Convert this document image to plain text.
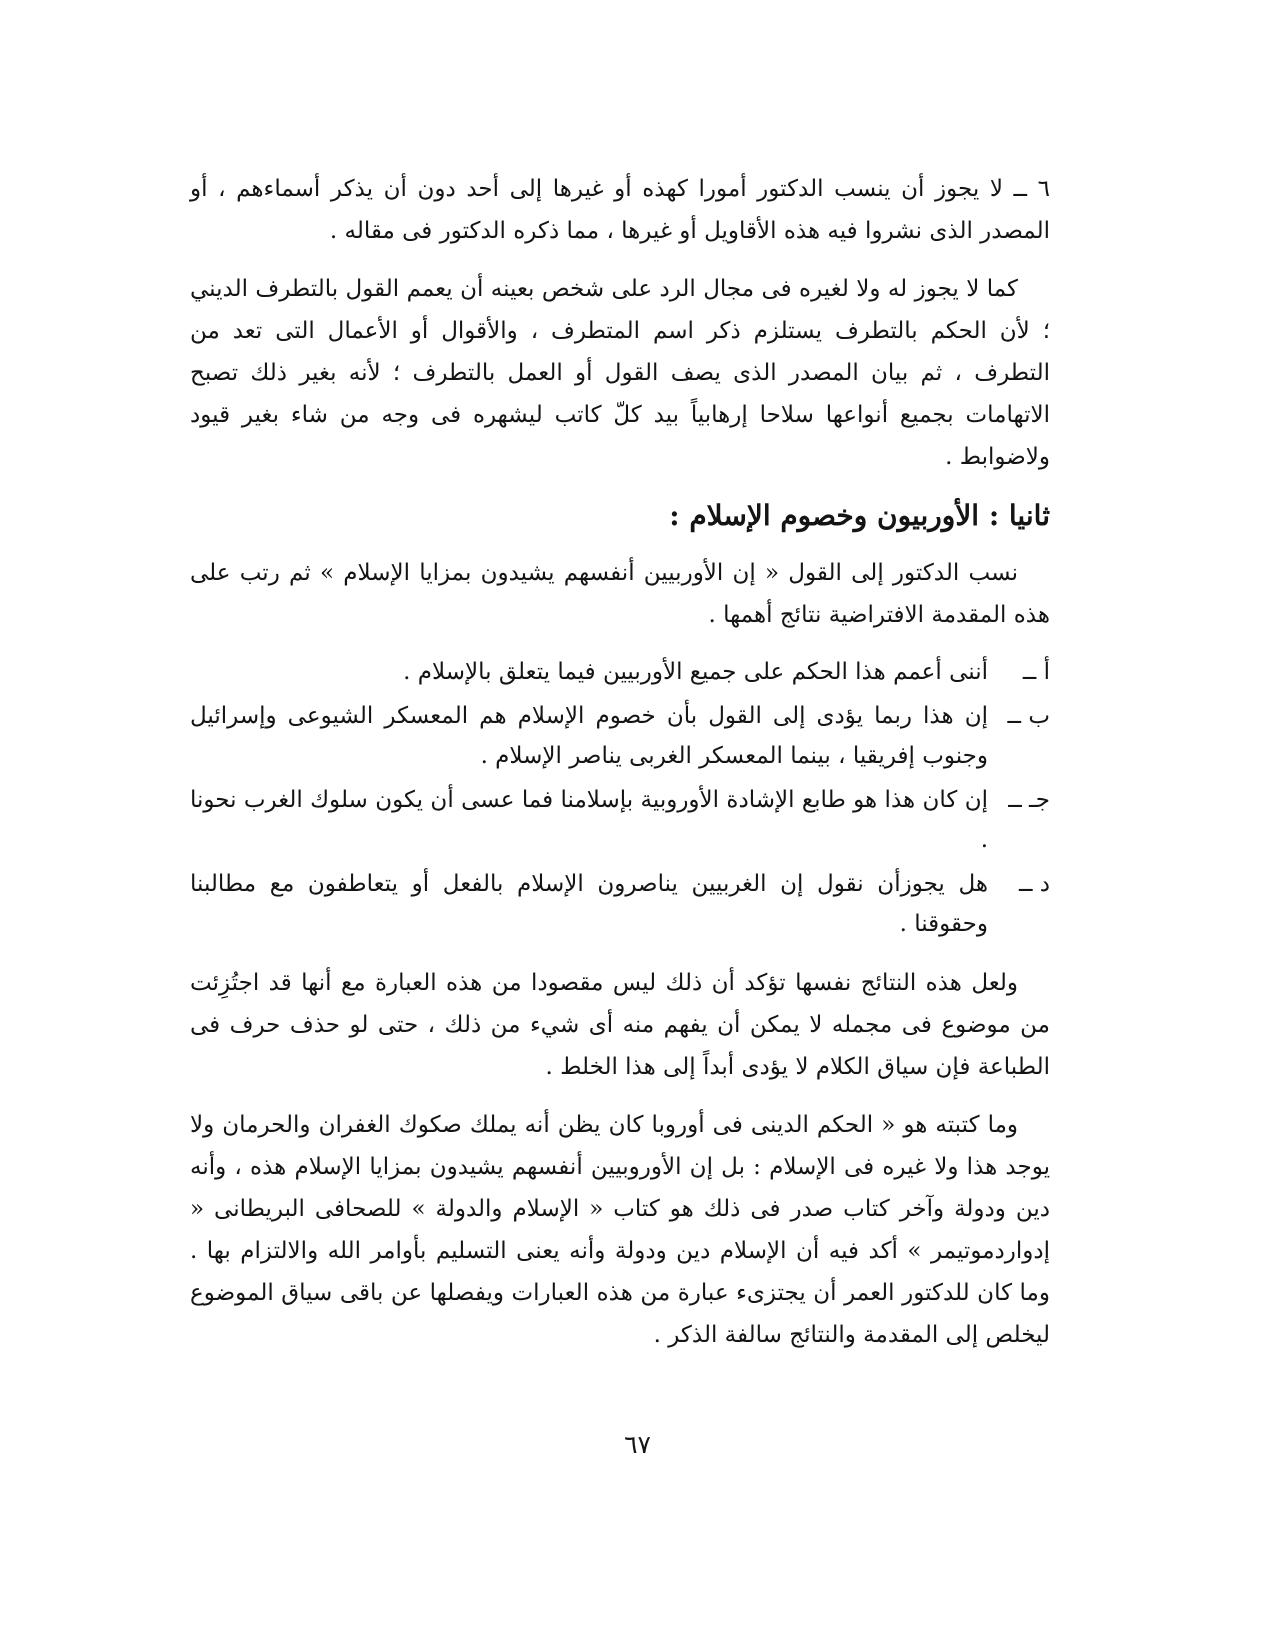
٦ ــ لا يجوز أن ينسب الدكتور أمورا كهذه أو غيرها إلى أحد دون أن يذكر أسماءهم ، أو المصدر الذى نشروا فيه هذه الأقاويل أو غيرها ، مما ذكره الدكتور فى مقاله .

كما لا يجوز له ولا لغيره فى مجال الرد على شخص بعينه أن يعمم القول بالتطرف الديني ؛ لأن الحكم بالتطرف يستلزم ذكر اسم المتطرف ، والأقوال أو الأعمال التى تعد من التطرف ، ثم بيان المصدر الذى يصف القول أو العمل بالتطرف ؛ لأنه بغير ذلك تصبح الاتهامات بجميع أنواعها سلاحا إرهابياً بيد كلّ كاتب ليشهره فى وجه من شاء بغير قيود ولاضوابط .

ثانيا : الأوربيون وخصوم الإسلام :

نسب الدكتور إلى القول « إن الأوربيين أنفسهم يشيدون بمزايا الإسلام » ثم رتب على هذه المقدمة الافتراضية نتائج أهمها .

أ ــ
أننى أعمم هذا الحكم على جميع الأوربيين فيما يتعلق بالإسلام .
ب ــ
إن هذا ربما يؤدى إلى القول بأن خصوم الإسلام هم المعسكر الشيوعى وإسرائيل وجنوب إفريقيا ، بينما المعسكر الغربى يناصر الإسلام .
جـ ــ
إن كان هذا هو طابع الإشادة الأوروبية بإسلامنا فما عسى أن يكون سلوك الغرب نحونا .
د ــ
هل يجوزأن نقول إن الغربيين يناصرون الإسلام بالفعل أو يتعاطفون مع مطالبنا وحقوقنا .

ولعل هذه النتائج نفسها تؤكد أن ذلك ليس مقصودا من هذه العبارة مع أنها قد اجتُزِئت من موضوع فى مجمله لا يمكن أن يفهم منه أى شيء من ذلك ، حتى لو حذف حرف فى الطباعة فإن سياق الكلام لا يؤدى أبداً إلى هذا الخلط .

وما كتبته هو « الحكم الدينى فى أوروبا كان يظن أنه يملك صكوك الغفران والحرمان ولا يوجد هذا ولا غيره فى الإسلام : بل إن الأوروبيين أنفسهم يشيدون بمزايا الإسلام هذه ، وأنه دين ودولة وآخر كتاب صدر فى ذلك هو كتاب « الإسلام والدولة » للصحافى البريطانى « إدواردموتيمر » أكد فيه أن الإسلام دين ودولة وأنه يعنى التسليم بأوامر الله والالتزام بها . وما كان للدكتور العمر أن يجتزىء عبارة من هذه العبارات ويفصلها عن باقى سياق الموضوع ليخلص إلى المقدمة والنتائج سالفة الذكر .

٦٧
